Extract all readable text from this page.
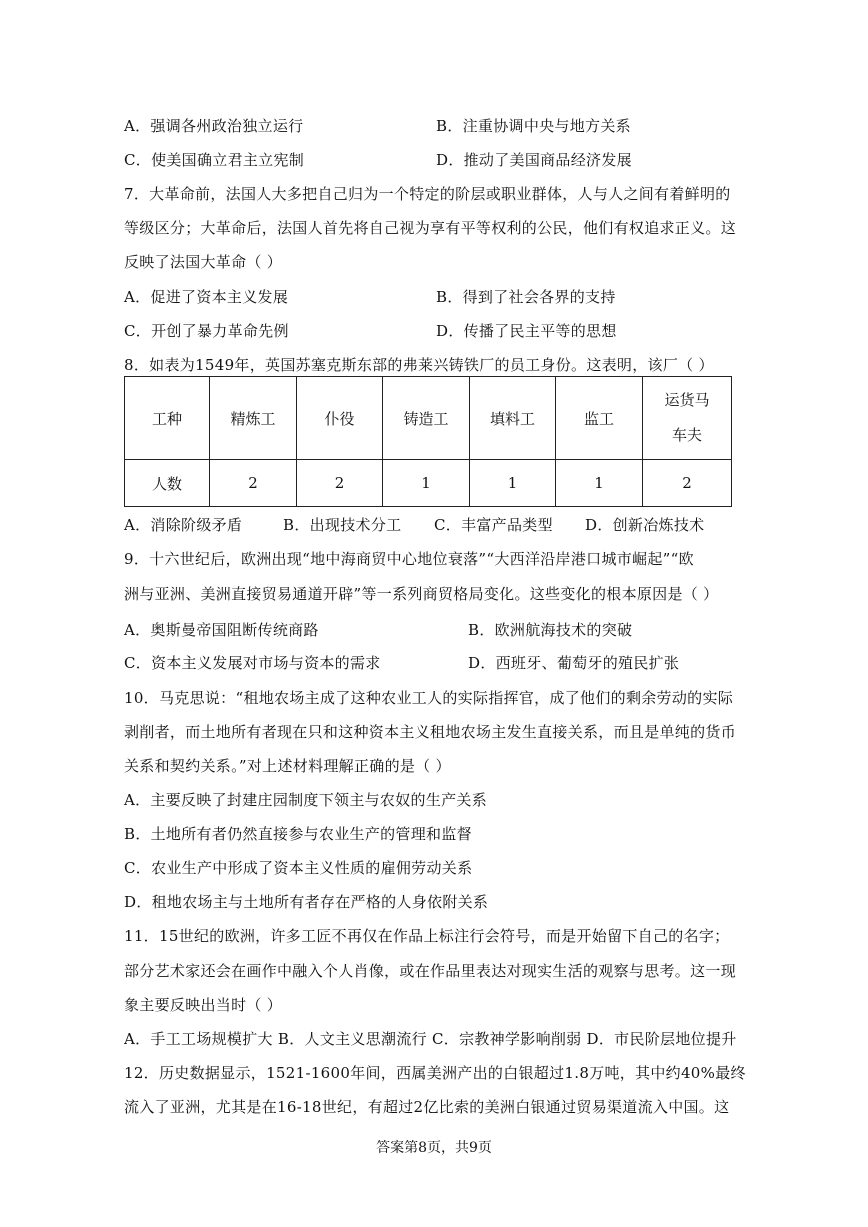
A．强调各州政治独立运行	B．注重协调中央与地方关系
C．使美国确立君主立宪制	D．推动了美国商品经济发展
7．大革命前，法国人大多把自己归为一个特定的阶层或职业群体，人与人之间有着鲜明的
等级区分；大革命后，法国人首先将自己视为享有平等权利的公民，他们有权追求正义。这
反映了法国大革命（ ）
A．促进了资本主义发展	B．得到了社会各界的支持
C．开创了暴力革命先例	D．传播了民主平等的思想
8．如表为1549年，英国苏塞克斯东部的弗莱兴铸铁厂的员工身份。这表明，该厂（ ）
工种	精炼工	仆役	铸造工	填料工	监工	运货马车夫
人数	2	2	1	1	1	2
A．消除阶级矛盾	B．出现技术分工 C．丰富产品类型 D．创新冶炼技术
9．十六世纪后，欧洲出现“地中海商贸中心地位衰落”“大西洋沿岸港口城市崛起”“欧
洲与亚洲、美洲直接贸易通道开辟”等一系列商贸格局变化。这些变化的根本原因是（ ）
A．奥斯曼帝国阻断传统商路	B．欧洲航海技术的突破
C．资本主义发展对市场与资本的需求	D．西班牙、葡萄牙的殖民扩张
10．马克思说：“租地农场主成了这种农业工人的实际指挥官，成了他们的剩余劳动的实际
剥削者，而土地所有者现在只和这种资本主义租地农场主发生直接关系，而且是单纯的货币
关系和契约关系。”对上述材料理解正确的是（ ）
A．主要反映了封建庄园制度下领主与农奴的生产关系
B．土地所有者仍然直接参与农业生产的管理和监督
C．农业生产中形成了资本主义性质的雇佣劳动关系
D．租地农场主与土地所有者存在严格的人身依附关系
11．15世纪的欧洲，许多工匠不再仅在作品上标注行会符号，而是开始留下自己的名字；
部分艺术家还会在画作中融入个人肖像，或在作品里表达对现实生活的观察与思考。这一现
象主要反映出当时（ ）
A．手工工场规模扩大 B．人文主义思潮流行 C．宗教神学影响削弱 D．市民阶层地位提升
12．历史数据显示，1521-1600年间，西属美洲产出的白银超过1.8万吨，其中约40%最终
流入了亚洲，尤其是在16-18世纪，有超过2亿比索的美洲白银通过贸易渠道流入中国。这
答案第8页，共9页
